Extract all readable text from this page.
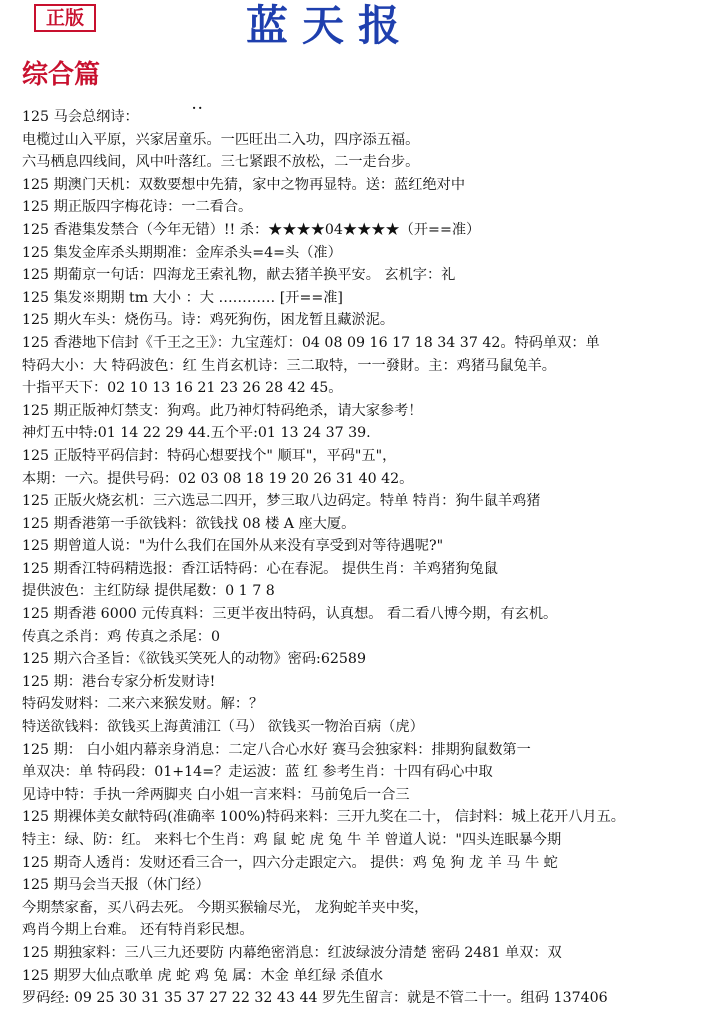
正版	蓝天报
综合篇
..
125 马会总纲诗：
电榄过山入平原，兴家居童乐。一匹旺出二入功，四序添五福。
六马栖息四线间，风中叶落红。三七紧跟不放松，二一走台步。
125 期澳门天机：双数要想中先猜，家中之物再显特。送：蓝红绝对中
125 期正版四字梅花诗：一二看合。
125 香港集发禁合（今年无错）!! 杀：★★★★04★★★★（开==准）
125 集发金库杀头期期准：金库杀头=4=头（准）
125 期葡京一句话：四海龙王索礼物，献去猪羊换平安。 玄机字：礼
125 集发※期期 tm 大小 ：大 ………… [开==准]
125 期火车头：烧伤马。诗：鸡死狗伤，困龙暂且藏淤泥。
125 香港地下信封《千王之王》：九宝莲灯：04 08 09 16 17 18 34 37 42。特码单双：单
特码大小：大 特码波色：红 生肖玄机诗：三二取特，一一發財。主：鸡猪马鼠兔羊。
十指平天下：02 10 13 16 21 23 26 28 42 45。
125 期正版神灯禁支：狗鸡。此乃神灯特码绝杀，请大家参考！
神灯五中特:01 14 22 29 44.五个平:01 13 24 37 39.
125 正版特平码信封：特码心想要找个" 顺耳"，平码"五"，
本期：一六。提供号码：02 03 08 18 19 20 26 31 40 42。
125 正版火烧玄机：三六选忌二四开，梦三取八边码定。特单 特肖：狗牛鼠羊鸡猪
125 期香港第一手欲钱料：欲钱找 08 楼 A 座大厦。
125 期曾道人说："为什么我们在国外从来没有享受到对等待遇呢?"
125 期香江特码精选报：香江话特码：心在春泥。 提供生肖：羊鸡猪狗兔鼠
提供波色：主红防绿 提供尾数：0 1 7 8
125 期香港 6000 元传真料：三更半夜出特码，认真想。 看二看八博今期，有玄机。
传真之杀肖：鸡 传真之杀尾：0
125 期六合圣旨：《欲钱买笑死人的动物》密码:62589
125 期：港台专家分析发财诗!
特码发财料：二来六来猴发财。解：？
特送欲钱料：欲钱买上海黄浦江（马） 欲钱买一物治百病（虎）
125 期： 白小姐内幕亲身消息：二定八合心水好 赛马会独家料：排期狗鼠数第一
单双决：单 特码段：01+14=？走运波：蓝 红 参考生肖：十四有码心中取
见诗中特：手执一斧两脚夹 白小姐一言来料：马前兔后一合三
125 期裸体美女献特码(准确率 100%)特码来料：三开九奖在二十， 信封料：城上花开八月五。
特主：绿、防：红。 来料七个生肖：鸡 鼠 蛇 虎 兔 牛 羊 曾道人说："四头连眠暴今期
125 期奇人透肖：发财还看三合一，四六分走跟定六。 提供：鸡 兔 狗 龙 羊 马 牛 蛇
125 期马会当天报（休门经）
今期禁家畜，买八码去死。 今期买猴输尽光， 龙狗蛇羊夹中奖，
鸡肖今期上台难。 还有特肖彩民想。
125 期独家料：三八三九还要防 内幕绝密消息：红波绿波分清楚 密码 2481 单双：双
125 期罗大仙点歌单 虎 蛇 鸡 兔 属：木金 单红绿 杀值水
罗码经: 09 25 30 31 35 37 27 22 32 43 44 罗先生留言：就是不管二十一。组码 137406
